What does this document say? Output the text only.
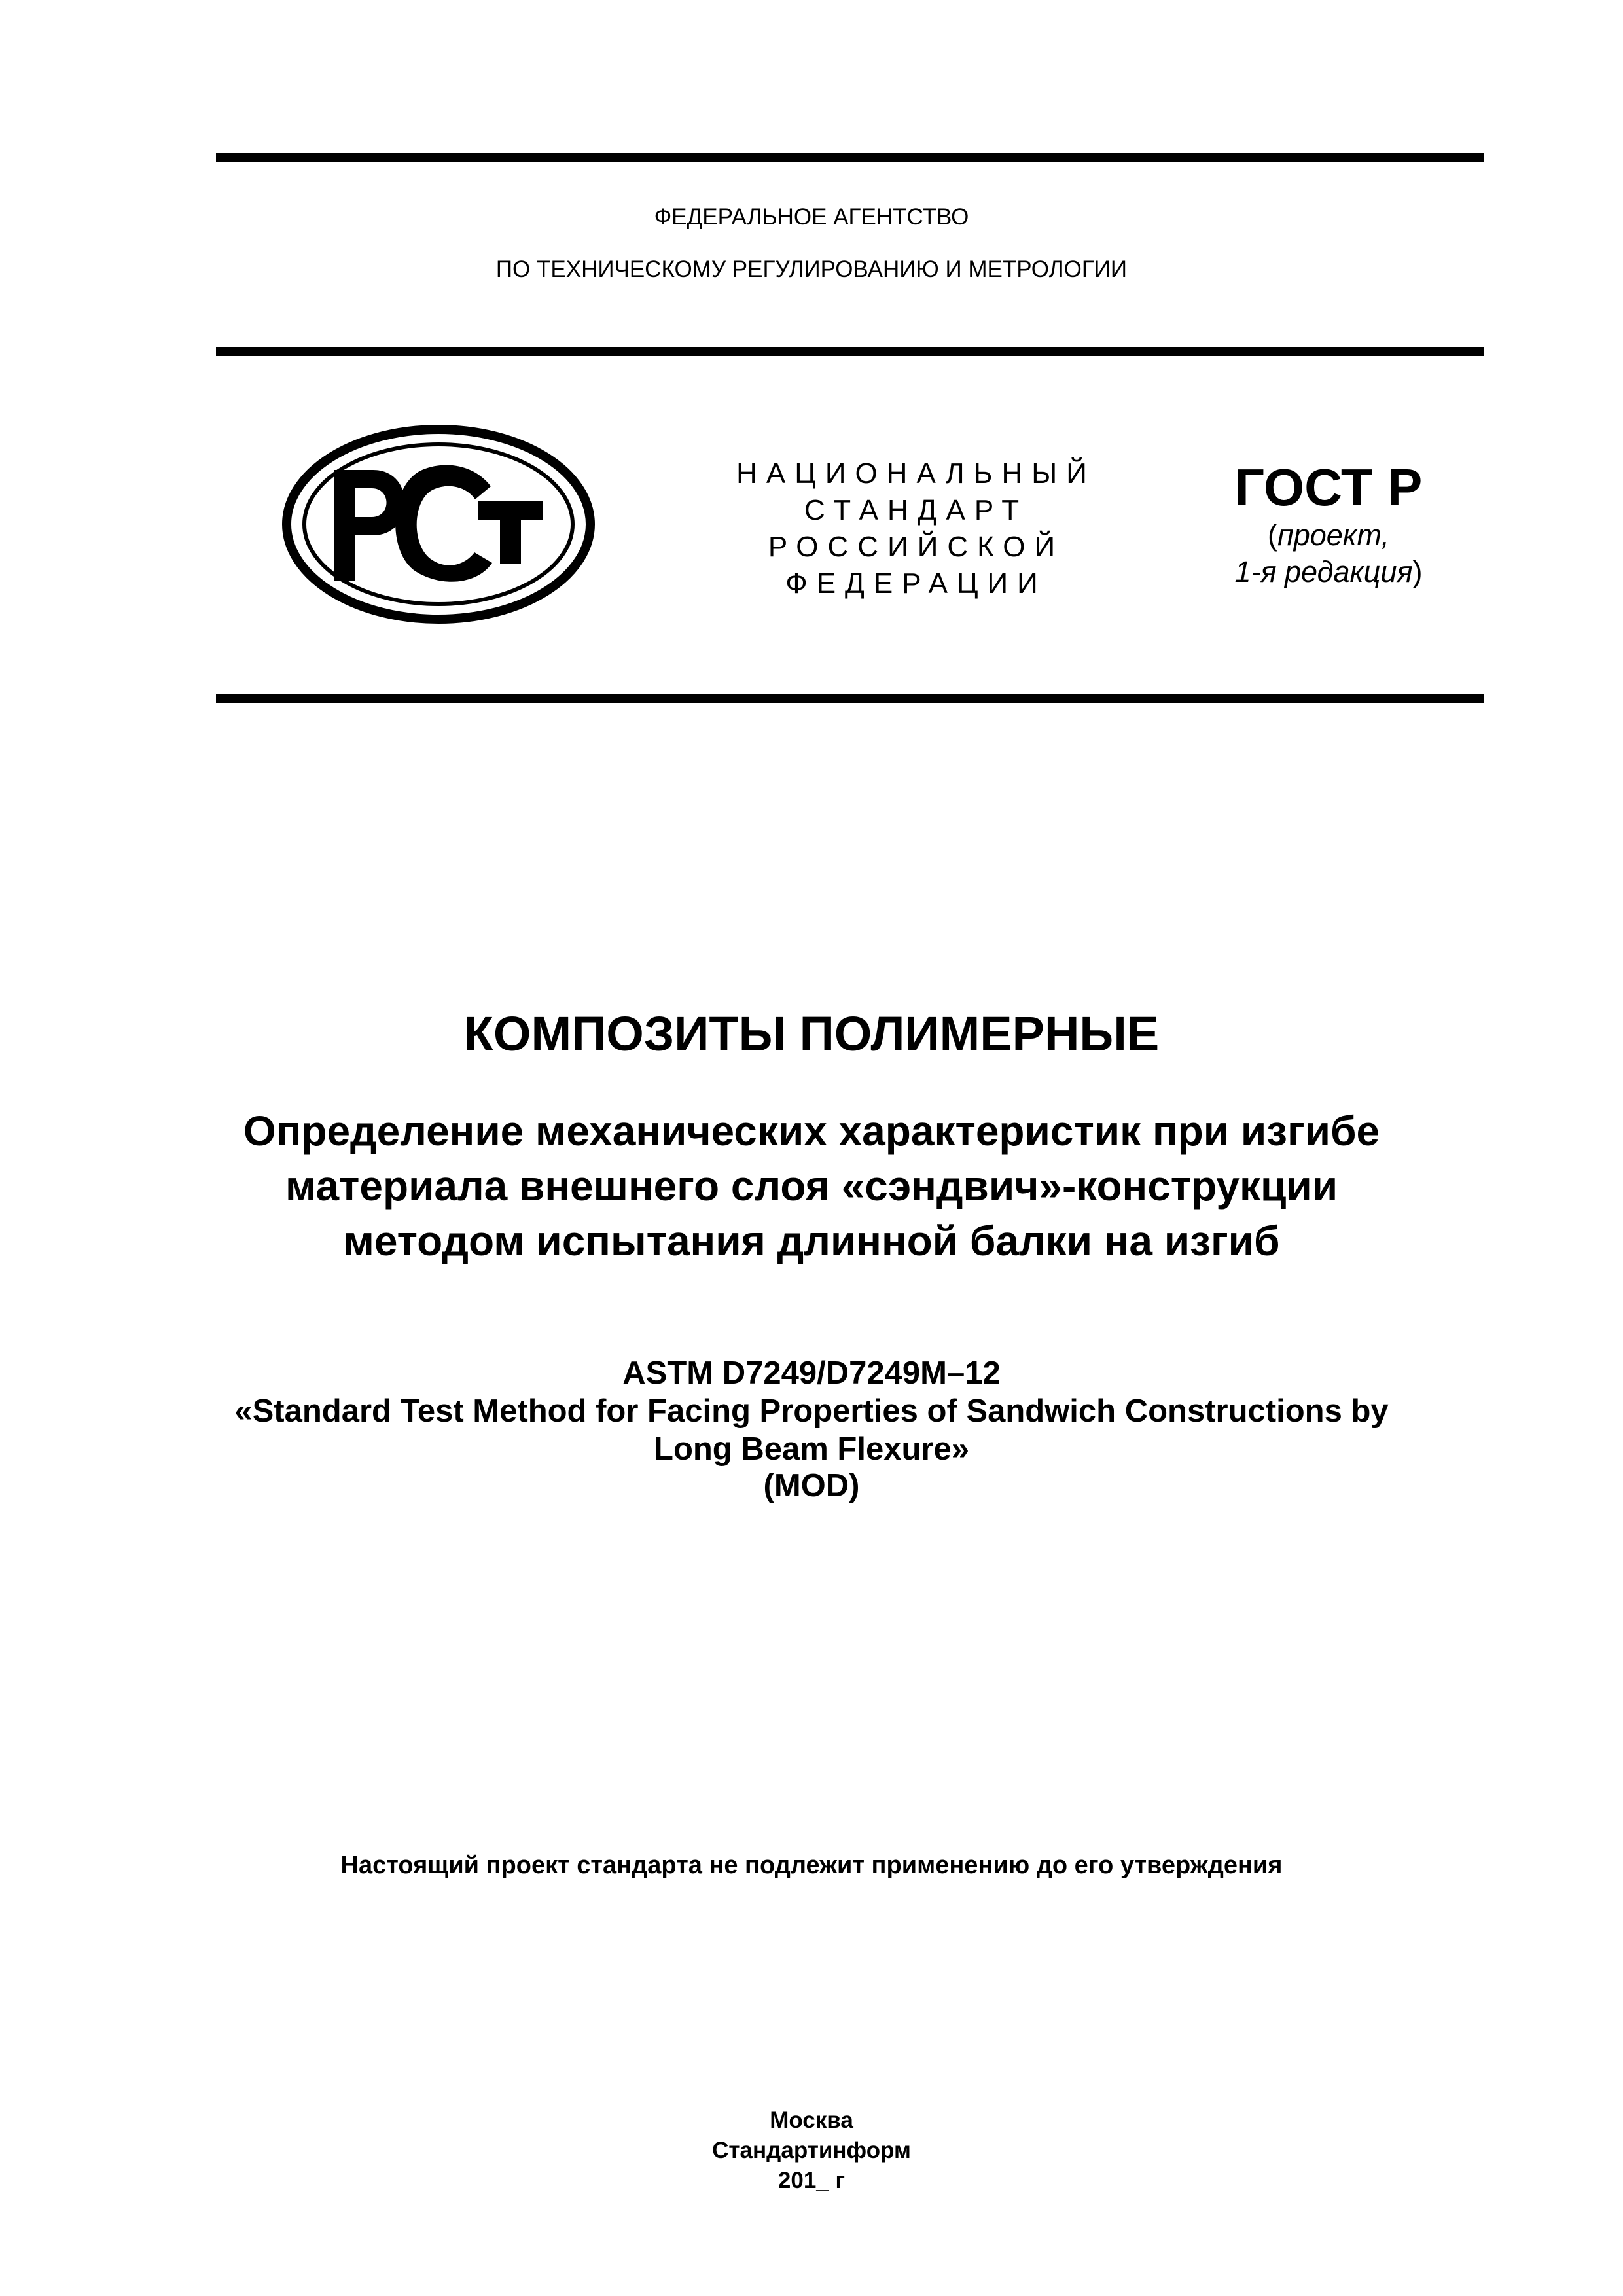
ФЕДЕРАЛЬНОЕ АГЕНТСТВО
ПО ТЕХНИЧЕСКОМУ РЕГУЛИРОВАНИЮ И МЕТРОЛОГИИ
НАЦИОНАЛЬНЫЙ
СТАНДАРТ
РОССИЙСКОЙ
ФЕДЕРАЦИИ
ГОСТ Р
(проект,
1-я редакция)
КОМПОЗИТЫ ПОЛИМЕРНЫЕ
Определение механических характеристик при изгибе
материала внешнего слоя «сэндвич»-конструкции
методом испытания длинной балки на изгиб
ASTM D7249/D7249M–12
«Standard Test Method for Facing Properties of Sandwich Constructions by
Long Beam Flexure»
(MOD)
Настоящий проект стандарта не подлежит применению до его утверждения
Москва
Стандартинформ
201_ г
